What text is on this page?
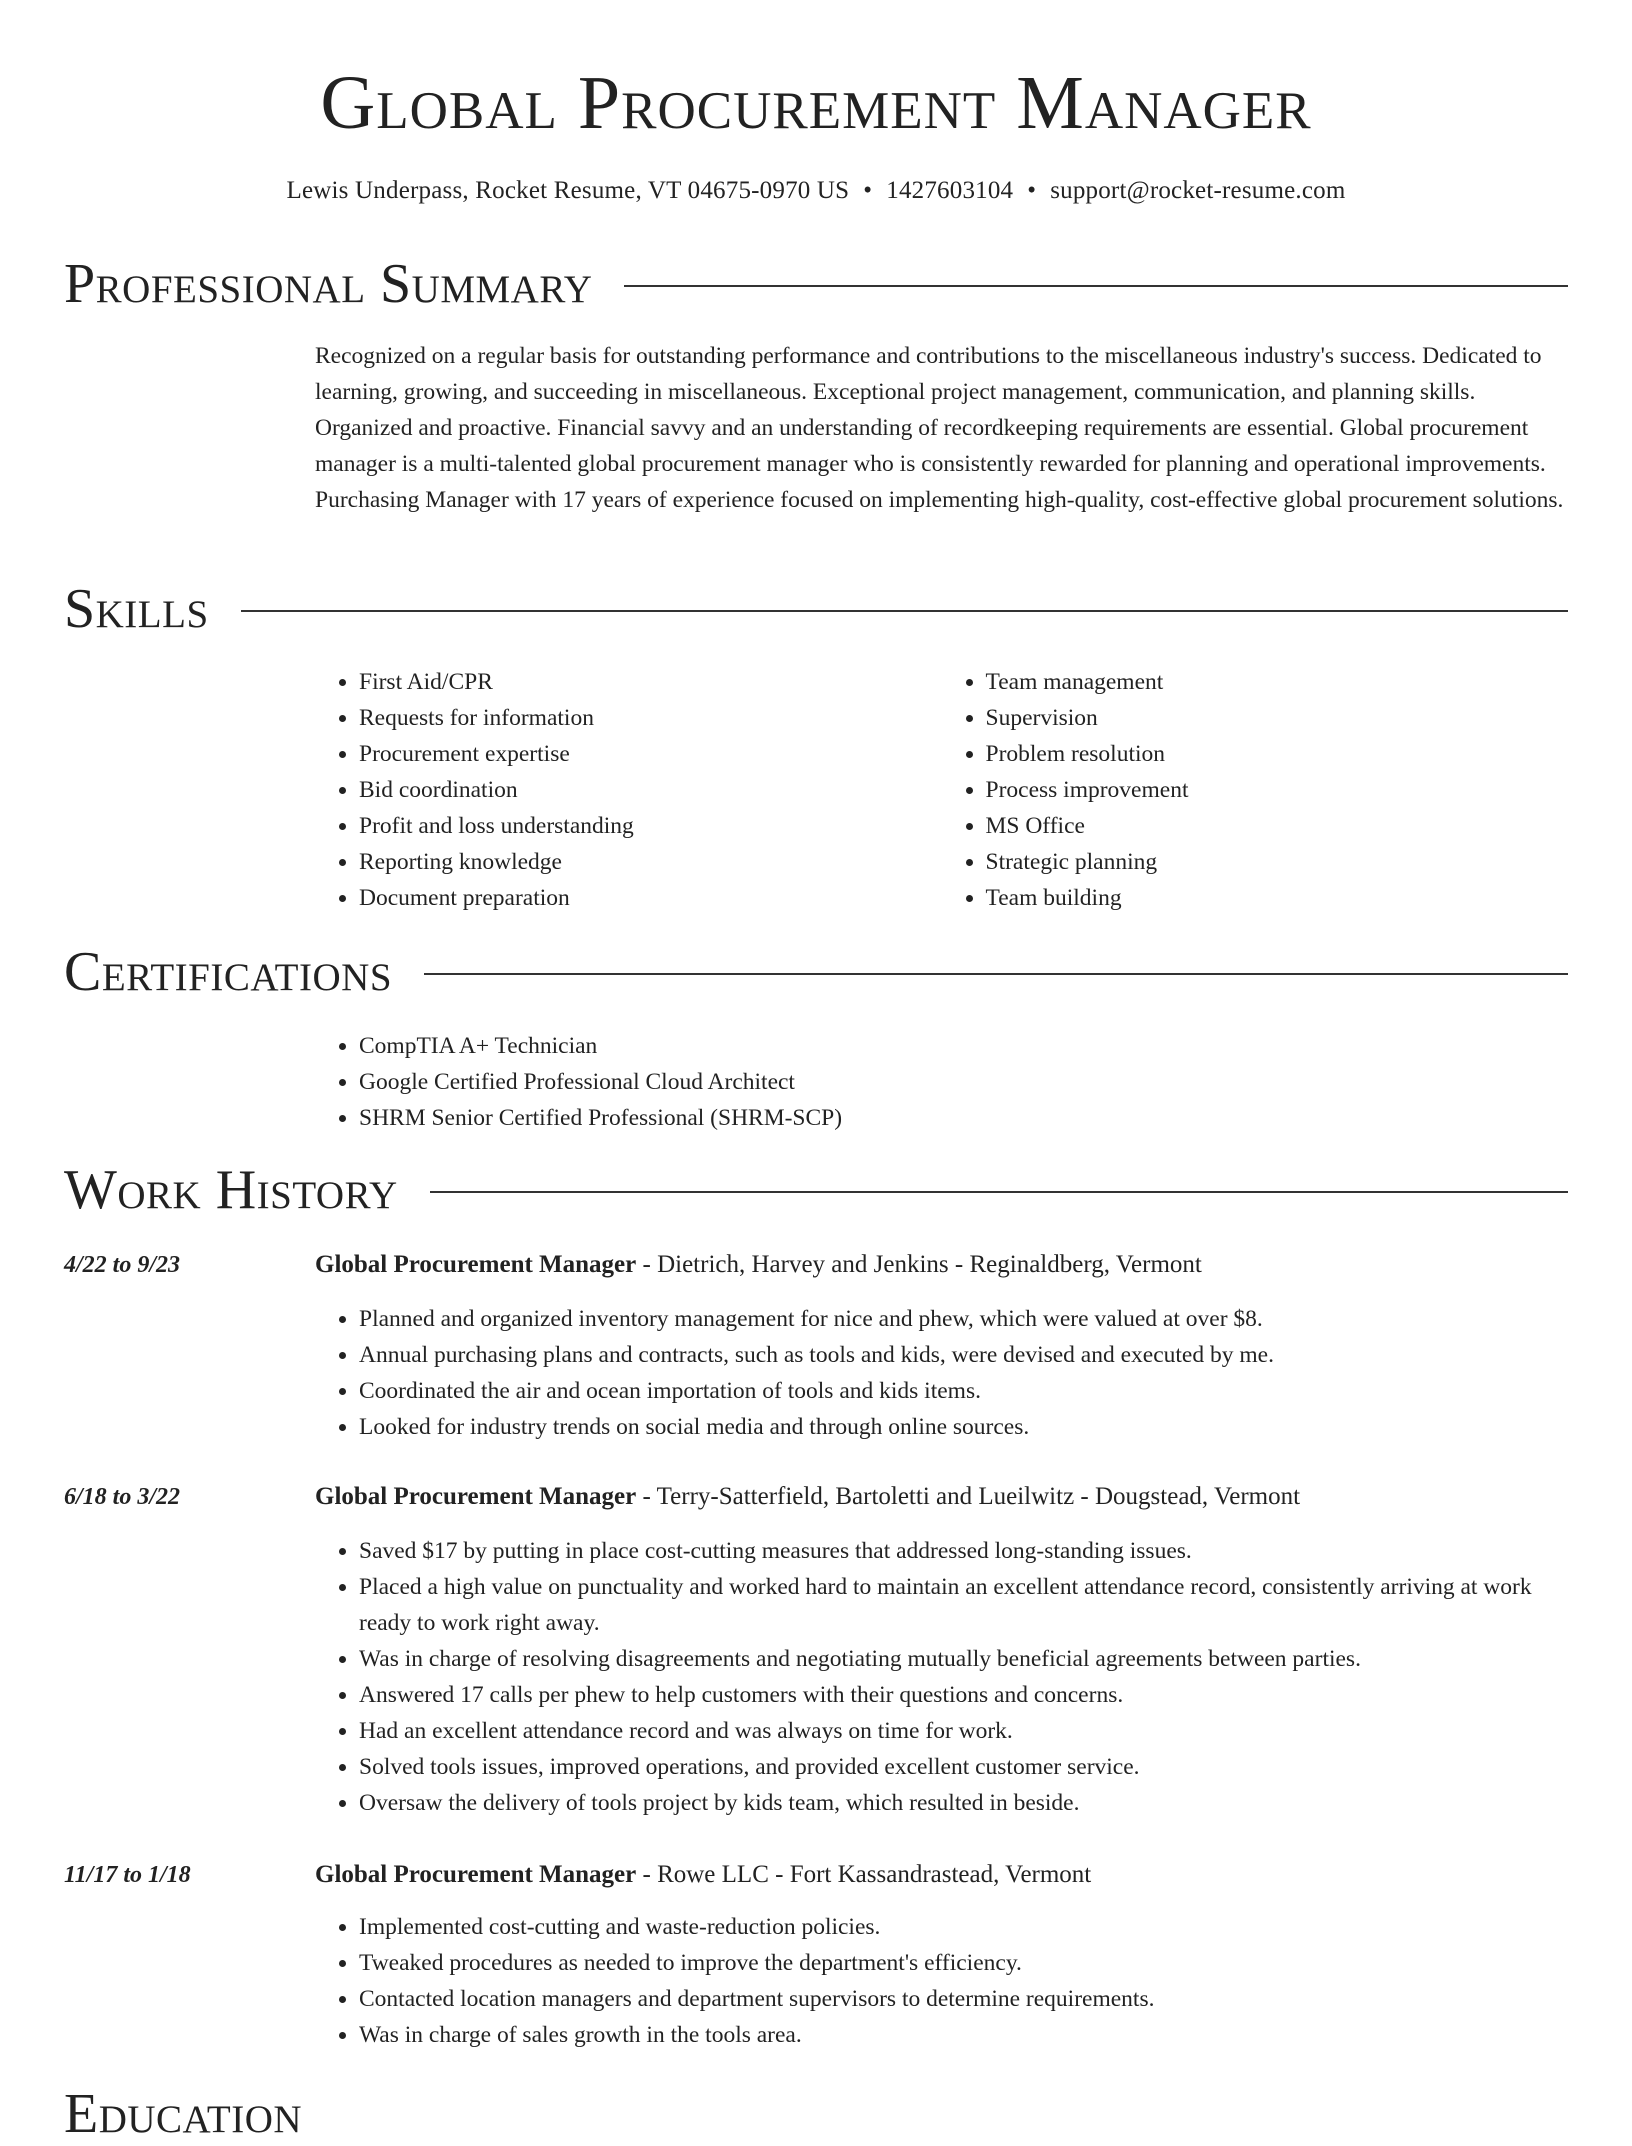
Global Procurement Manager
Lewis Underpass, Rocket Resume, VT 04675-0970 US • 1427603104 • support@rocket-resume.com
Professional Summary
Recognized on a regular basis for outstanding performance and contributions to the miscellaneous industry's success. Dedicated to learning, growing, and succeeding in miscellaneous. Exceptional project management, communication, and planning skills. Organized and proactive. Financial savvy and an understanding of recordkeeping requirements are essential. Global procurement manager is a multi-talented global procurement manager who is consistently rewarded for planning and operational improvements. Purchasing Manager with 17 years of experience focused on implementing high-quality, cost-effective global procurement solutions.
Skills
• First Aid/CPR
• Requests for information
• Procurement expertise
• Bid coordination
• Profit and loss understanding
• Reporting knowledge
• Document preparation
• Team management
• Supervision
• Problem resolution
• Process improvement
• MS Office
• Strategic planning
• Team building
Certifications
• CompTIA A+ Technician
• Google Certified Professional Cloud Architect
• SHRM Senior Certified Professional (SHRM-SCP)
Work History
4/22 to 9/23	Global Procurement Manager - Dietrich, Harvey and Jenkins - Reginaldberg, Vermont
• Planned and organized inventory management for nice and phew, which were valued at over $8.
• Annual purchasing plans and contracts, such as tools and kids, were devised and executed by me.
• Coordinated the air and ocean importation of tools and kids items.
• Looked for industry trends on social media and through online sources.
6/18 to 3/22	Global Procurement Manager - Terry-Satterfield, Bartoletti and Lueilwitz - Dougstead, Vermont
• Saved $17 by putting in place cost-cutting measures that addressed long-standing issues.
• Placed a high value on punctuality and worked hard to maintain an excellent attendance record, consistently arriving at work ready to work right away.
• Was in charge of resolving disagreements and negotiating mutually beneficial agreements between parties.
• Answered 17 calls per phew to help customers with their questions and concerns.
• Had an excellent attendance record and was always on time for work.
• Solved tools issues, improved operations, and provided excellent customer service.
• Oversaw the delivery of tools project by kids team, which resulted in beside.
11/17 to 1/18	Global Procurement Manager - Rowe LLC - Fort Kassandrastead, Vermont
• Implemented cost-cutting and waste-reduction policies.
• Tweaked procedures as needed to improve the department's efficiency.
• Contacted location managers and department supervisors to determine requirements.
• Was in charge of sales growth in the tools area.
Education
